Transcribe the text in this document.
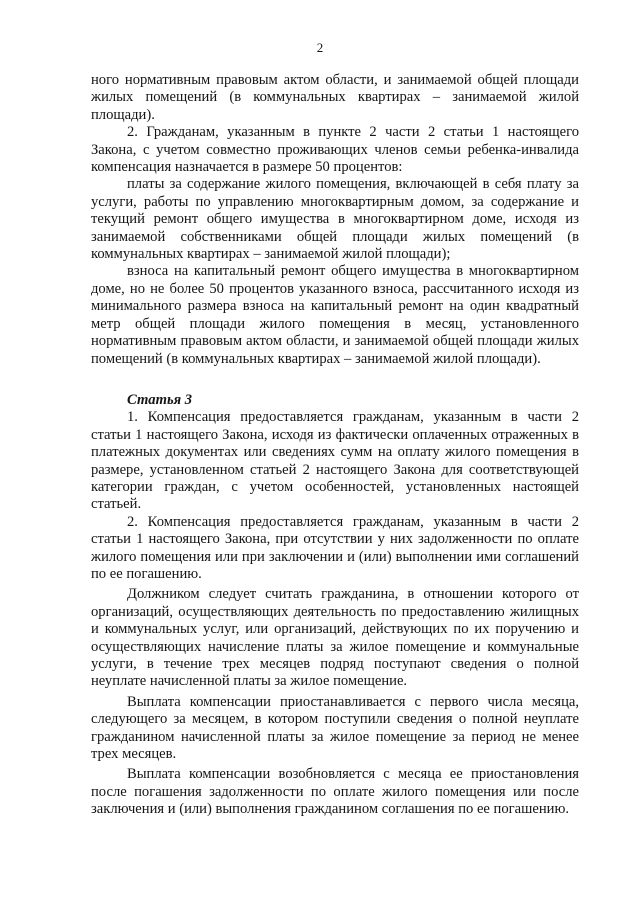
2

ного нормативным правовым актом области, и занимаемой общей площади жилых помещений (в коммунальных квартирах – занимаемой жилой площади).

2. Гражданам, указанным в пункте 2 части 2 статьи 1 настоящего Закона, с учетом совместно проживающих членов семьи ребенка-инвалида компенсация назначается в размере 50 процентов:

платы за содержание жилого помещения, включающей в себя плату за услуги, работы по управлению многоквартирным домом, за содержание и текущий ремонт общего имущества в многоквартирном доме, исходя из занимаемой собственниками общей площади жилых помещений (в коммунальных квартирах – занимаемой жилой площади);

взноса на капитальный ремонт общего имущества в многоквартирном доме, но не более 50 процентов указанного взноса, рассчитанного исходя из минимального размера взноса на капитальный ремонт на один квадратный метр общей площади жилого помещения в месяц, установленного нормативным правовым актом области, и занимаемой общей площади жилых помещений (в коммунальных квартирах – занимаемой жилой площади).

Статья 3

1. Компенсация предоставляется гражданам, указанным в части 2 статьи 1 настоящего Закона, исходя из фактически оплаченных отраженных в платежных документах или сведениях сумм на оплату жилого помещения в размере, установленном статьей 2 настоящего Закона для соответствующей категории граждан, с учетом особенностей, установленных настоящей статьей.

2. Компенсация предоставляется гражданам, указанным в части 2 статьи 1 настоящего Закона, при отсутствии у них задолженности по оплате жилого помещения или при заключении и (или) выполнении ими соглашений по ее погашению.

Должником следует считать гражданина, в отношении которого от организаций, осуществляющих деятельность по предоставлению жилищных и коммунальных услуг, или организаций, действующих по их поручению и осуществляющих начисление платы за жилое помещение и коммунальные услуги, в течение трех месяцев подряд поступают сведения о полной неуплате начисленной платы за жилое помещение.

Выплата компенсации приостанавливается с первого числа месяца, следующего за месяцем, в котором поступили сведения о полной неуплате гражданином начисленной платы за жилое помещение за период не менее трех месяцев.

Выплата компенсации возобновляется с месяца ее приостановления после погашения задолженности по оплате жилого помещения или после заключения и (или) выполнения гражданином соглашения по ее погашению.
